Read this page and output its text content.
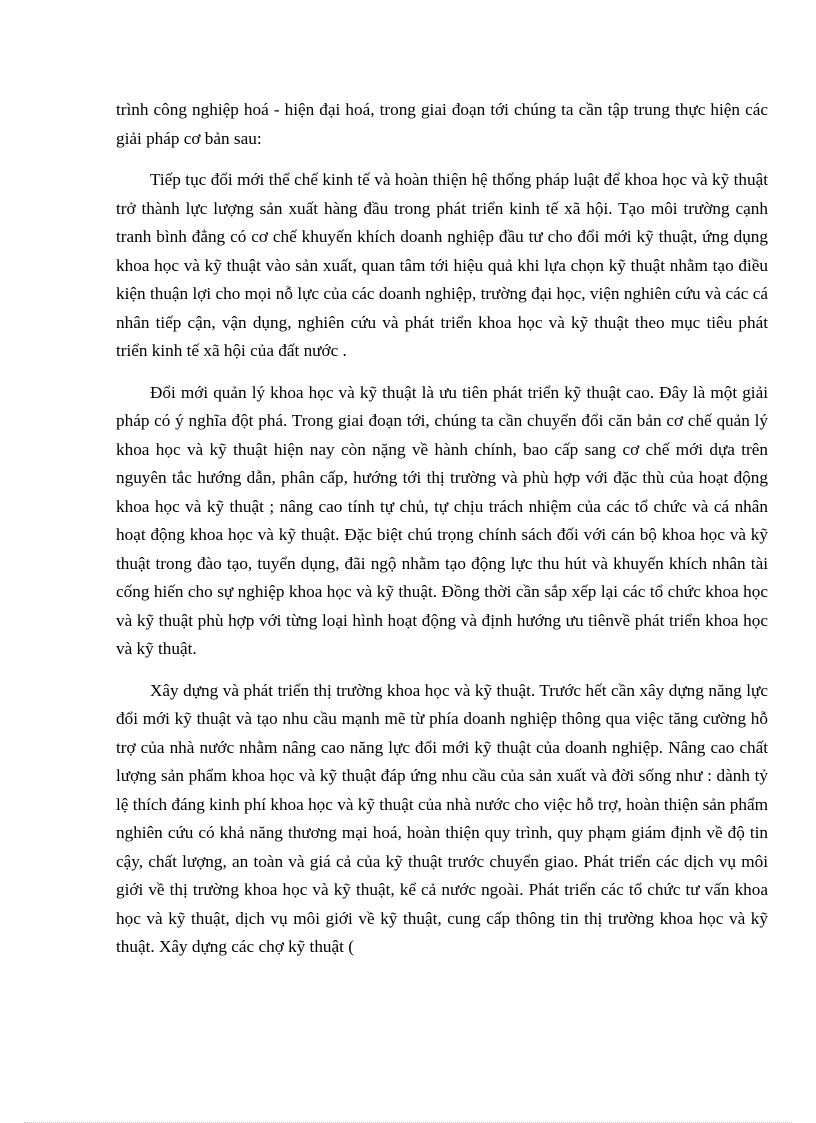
trình công nghiệp hoá - hiện đại hoá, trong giai đoạn tới chúng ta cần tập trung thực hiện các giải pháp cơ bản sau:

Tiếp tục đổi mới thể chế kinh tế và hoàn thiện hệ thống pháp luật để khoa học và kỹ thuật trở thành lực lượng sản xuất hàng đầu trong phát triển kinh tế xã hội. Tạo môi trường cạnh tranh bình đẳng có cơ chế khuyến khích doanh nghiệp đầu tư cho đổi mới kỹ thuật, ứng dụng khoa học và kỹ thuật vào sản xuất, quan tâm tới hiệu quả khi lựa chọn kỹ thuật nhằm tạo điều kiện thuận lợi cho mọi nỗ lực của các doanh nghiệp, trường đại học, viện nghiên cứu và các cá nhân tiếp cận, vận dụng, nghiên cứu và phát triển khoa học và kỹ thuật theo mục tiêu phát triển kinh tế xã hội của đất nước .

Đổi mới quản lý khoa học và kỹ thuật là ưu tiên phát triển kỹ thuật cao. Đây là một giải pháp có ý nghĩa đột phá. Trong giai đoạn tới, chúng ta cần chuyển đổi căn bản cơ chế quản lý khoa học và kỹ thuật hiện nay còn nặng về hành chính, bao cấp sang cơ chế mới dựa trên nguyên tắc hướng dẫn, phân cấp, hướng tới thị trường và phù hợp với đặc thù của hoạt động khoa học và kỹ thuật ; nâng cao tính tự chủ, tự chịu trách nhiệm của các tổ chức và cá nhân hoạt động khoa học và kỹ thuật. Đặc biệt chú trọng chính sách đối với cán bộ khoa học và kỹ thuật trong đào tạo, tuyển dụng, đãi ngộ nhằm tạo động lực thu hút và khuyến khích nhân tài cống hiến cho sự nghiệp khoa học và kỹ thuật. Đồng thời cần sắp xếp lại các tổ chức khoa học và kỹ thuật phù hợp với từng loại hình hoạt động và định hướng ưu tiênvề phát triển khoa học và kỹ thuật.

Xây dựng và phát triển thị trường khoa học và kỹ thuật. Trước hết cần xây dựng năng lực đổi mới kỹ thuật và tạo nhu cầu mạnh mẽ từ phía doanh nghiệp thông qua việc tăng cường hỗ trợ của nhà nước nhằm nâng cao năng lực đổi mới kỹ thuật của doanh nghiệp. Nâng cao chất lượng sản phẩm khoa học và kỹ thuật đáp ứng nhu cầu của sản xuất và đời sống như : dành tỷ lệ thích đáng kinh phí khoa học và kỹ thuật của nhà nước cho việc hỗ trợ, hoàn thiện sản phẩm nghiên cứu có khả năng thương mại hoá, hoàn thiện quy trình, quy phạm giám định về độ tin cậy, chất lượng, an toàn và giá cả của kỹ thuật trước chuyển giao. Phát triển các dịch vụ môi giới về thị trường khoa học và kỹ thuật, kể cả nước ngoài. Phát triển các tổ chức tư vấn khoa học và kỹ thuật, dịch vụ môi giới về kỹ thuật, cung cấp thông tin thị trường khoa học và kỹ thuật. Xây dựng các chợ kỹ thuật (
